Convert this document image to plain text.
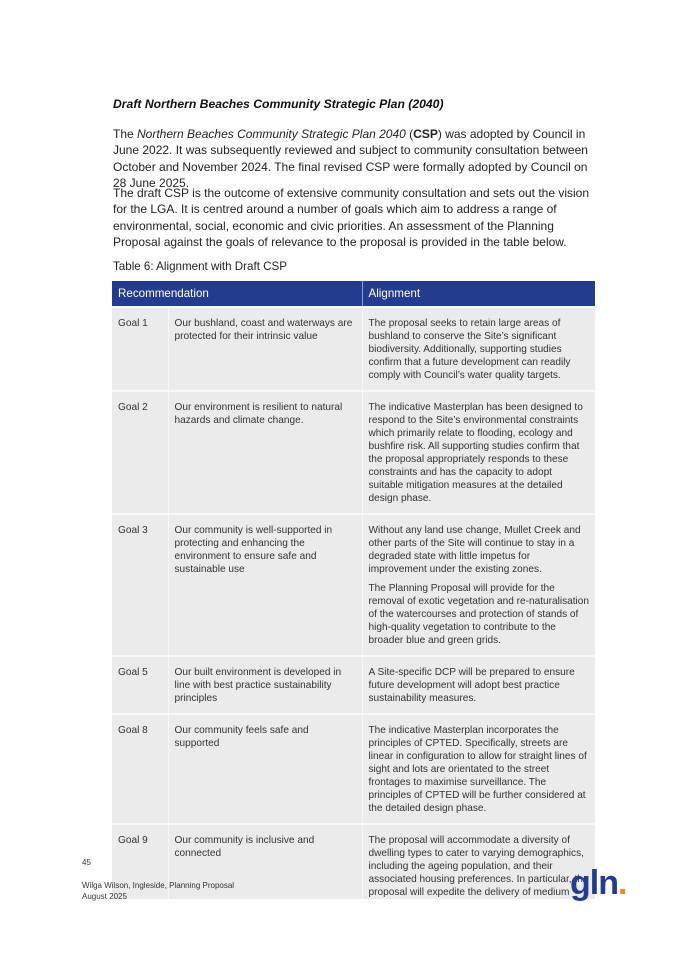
Draft Northern Beaches Community Strategic Plan (2040)
The Northern Beaches Community Strategic Plan 2040 (CSP) was adopted by Council in June 2022. It was subsequently reviewed and subject to community consultation between October and November 2024. The final revised CSP were formally adopted by Council on 28 June 2025.
The draft CSP is the outcome of extensive community consultation and sets out the vision for the LGA. It is centred around a number of goals which aim to address a range of environmental, social, economic and civic priorities. An assessment of the Planning Proposal against the goals of relevance to the proposal is provided in the table below.
Table 6: Alignment with Draft CSP
Recommendation		Alignment
Goal 1	Our bushland, coast and waterways are protected for their intrinsic value	The proposal seeks to retain large areas of bushland to conserve the Site’s significant biodiversity. Additionally, supporting studies confirm that a future development can readily comply with Council’s water quality targets.

Goal 2	Our environment is resilient to natural hazards and climate change.	The indicative Masterplan has been designed to respond to the Site’s environmental constraints which primarily relate to flooding, ecology and bushfire risk. All supporting studies confirm that the proposal appropriately responds to these constraints and has the capacity to adopt suitable mitigation measures at the detailed design phase.

Goal 3	Our community is well-supported in protecting and enhancing the environment to ensure safe and sustainable use	Without any land use change, Mullet Creek and other parts of the Site will continue to stay in a degraded state with little impetus for improvement under the existing zones.

The Planning Proposal will provide for the removal of exotic vegetation and re-naturalisation of the watercourses and protection of stands of high-quality vegetation to contribute to the broader blue and green grids.

Goal 5	Our built environment is developed in line with best practice sustainability principles	A Site-specific DCP will be prepared to ensure future development will adopt best practice sustainability measures.

Goal 8	Our community feels safe and supported	The indicative Masterplan incorporates the principles of CPTED. Specifically, streets are linear in configuration to allow for straight lines of sight and lots are orientated to the street frontages to maximise surveillance. The principles of CPTED will be further considered at the detailed design phase.

Goal 9	Our community is inclusive and connected	The proposal will accommodate a diversity of dwelling types to cater to varying demographics, including the ageing population, and their associated housing preferences. In particular, the proposal will expedite the delivery of medium

45
Wilga Wilson, Ingleside, Planning Proposal
August 2025	gln.
